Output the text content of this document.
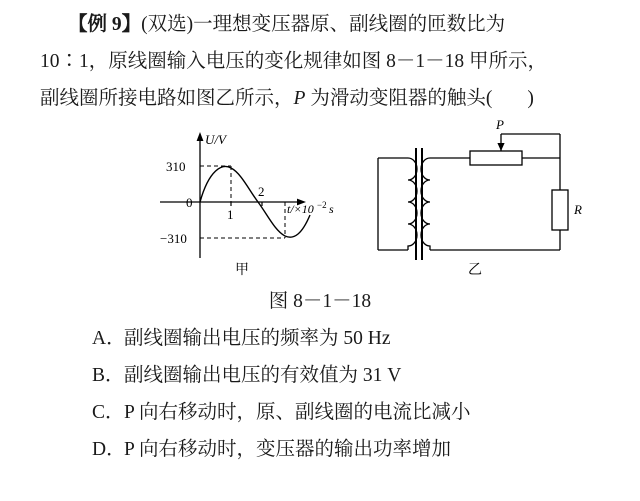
【例 9】(双选)一理想变压器原、副线圈的匝数比为
10∶1，原线圈输入电压的变化规律如图 8－1－18 甲所示，
副线圈所接电路如图乙所示，P 为滑动变阻器的触头( )
U/V
310
−310
0
1
2
t/×10 −2 s
甲
P
R
乙
图 8－1－18
A．
副线圈输出电压的频率为 50 Hz
B． 副线圈输出电压的有效值为 31 V
C． P 向右移动时，原、副线圈的电流比减小
D．
P 向右移动时，变压器的输出功率增加
